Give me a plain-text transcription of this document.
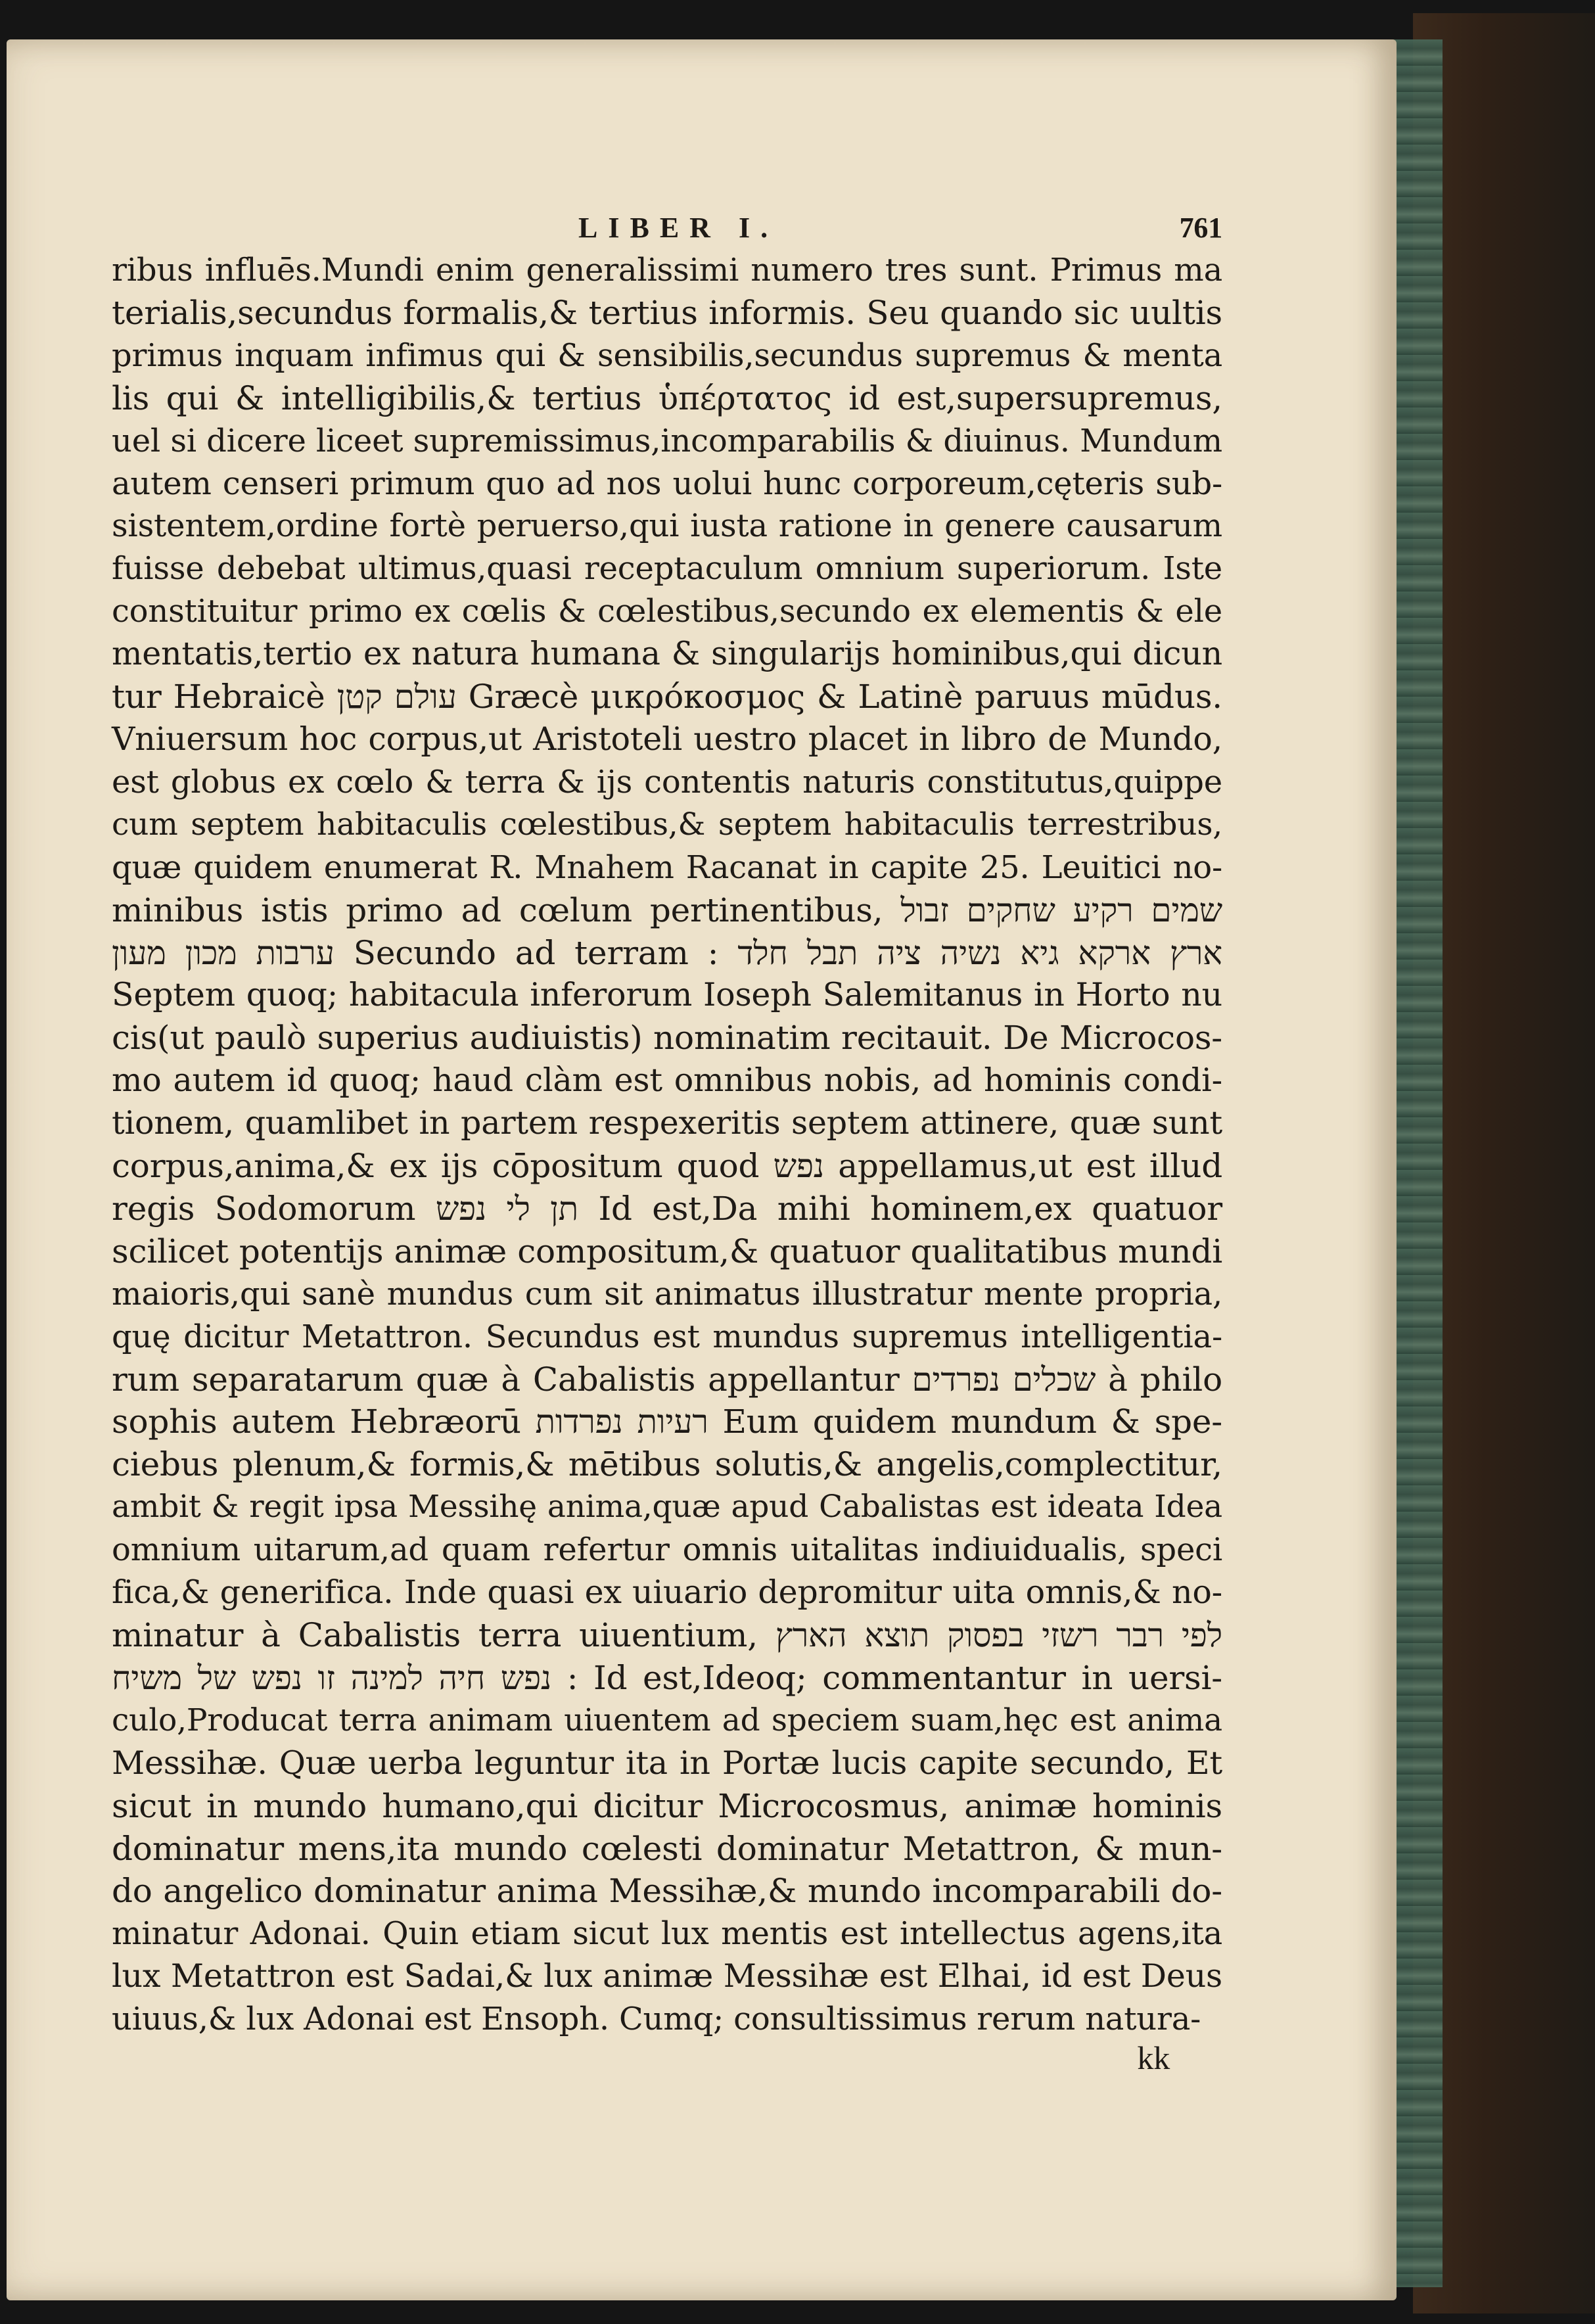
LIBER I.	761
ribus influēs.Mundi enim generalissimi numero tres sunt. Primus ma
terialis,secundus formalis,& tertius informis. Seu quando sic uultis
primus inquam infimus qui & sensibilis,secundus supremus & menta
lis qui & intelligibilis,& tertius ὑπέρτατος id est,supersupremus,
uel si dicere liceet supremissimus,incomparabilis & diuinus. Mundum
autem censeri primum quo ad nos uolui hunc corporeum,cęteris sub-
sistentem,ordine fortè peruerso,qui iusta ratione in genere causarum
fuisse debebat ultimus,quasi receptaculum omnium superiorum. Iste
constituitur primo ex cœlis & cœlestibus,secundo ex elementis & ele
mentatis,tertio ex natura humana & singularijs hominibus,qui dicun
tur Hebraicè עולם קטן Græcè μικρόκοσμος & Latinè paruus mūdus.
Vniuersum hoc corpus,ut Aristoteli uestro placet in libro de Mundo,
est globus ex cœlo & terra & ijs contentis naturis constitutus,quippe
cum septem habitaculis cœlestibus,& septem habitaculis terrestribus,
quæ quidem enumerat R. Mnahem Racanat in capite 25. Leuitici no-
minibus istis primo ad cœlum pertinentibus, שמים רקיע שחקים זבול
ערבות מכון מעון Secundo ad terram : ארץ ארקא גיא נשיה ציה תבל חלד
Septem quoq; habitacula inferorum Ioseph Salemitanus in Horto nu
cis(ut paulò superius audiuistis) nominatim recitauit. De Microcos-
mo autem id quoq; haud clàm est omnibus nobis, ad hominis condi-
tionem, quamlibet in partem respexeritis septem attinere, quæ sunt
corpus,anima,& ex ijs cōpositum quod נפש appellamus,ut est illud
regis Sodomorum תן לי נפש Id est,Da mihi hominem,ex quatuor
scilicet potentijs animæ compositum,& quatuor qualitatibus mundi
maioris,qui sanè mundus cum sit animatus illustratur mente propria,
quę dicitur Metattron. Secundus est mundus supremus intelligentia-
rum separatarum quæ à Cabalistis appellantur שכלים נפרדים à philo
sophis autem Hebræorū רעיות נפרדות Eum quidem mundum & spe-
ciebus plenum,& formis,& mētibus solutis,& angelis,complectitur,
ambit & regit ipsa Messihę anima,quæ apud Cabalistas est ideata Idea
omnium uitarum,ad quam refertur omnis uitalitas indiuidualis, speci
fica,& generifica. Inde quasi ex uiuario depromitur uita omnis,& no-
minatur à Cabalistis terra uiuentium, לפי רבר רשזי בפסוק תוצא הארץ
נפש חיה למינה זו נפש של משיח : Id est,Ideoq; commentantur in uersi-
culo,Producat terra animam uiuentem ad speciem suam,hęc est anima
Messihæ. Quæ uerba leguntur ita in Portæ lucis capite secundo, Et
sicut in mundo humano,qui dicitur Microcosmus, animæ hominis
dominatur mens,ita mundo cœlesti dominatur Metattron, & mun-
do angelico dominatur anima Messihæ,& mundo incomparabili do-
minatur Adonai. Quin etiam sicut lux mentis est intellectus agens,ita
lux Metattron est Sadai,& lux animæ Messihæ est Elhai, id est Deus
uiuus,& lux Adonai est Ensoph. Cumq; consultissimus rerum natura-
kk
